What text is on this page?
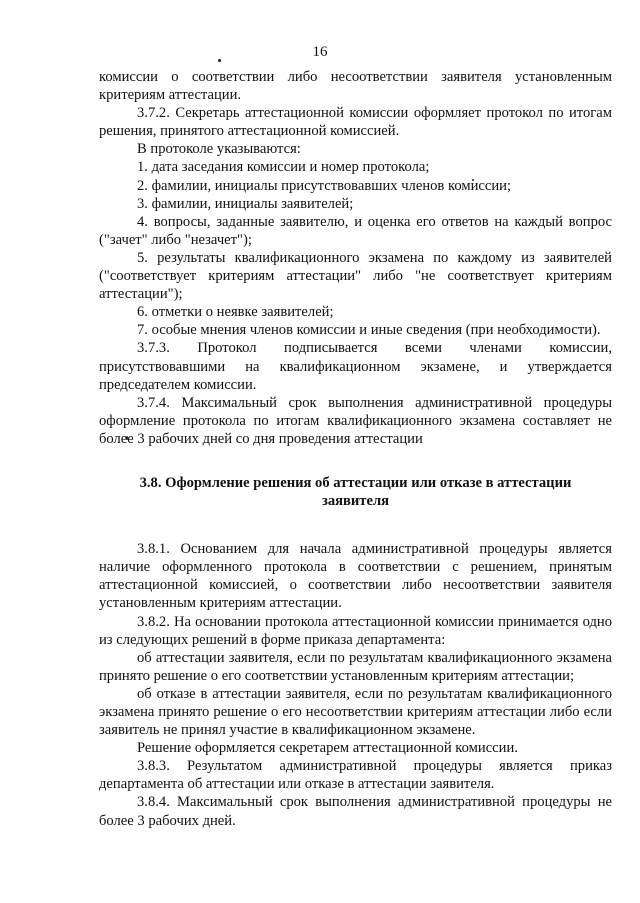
16

комиссии о соответствии либо несоответствии заявителя установленным критериям аттестации.

3.7.2. Секретарь аттестационной комиссии оформляет протокол по итогам решения, принятого аттестационной комиссией.

В протоколе указываются:

1. дата заседания комиссии и номер протокола;

2. фамилии, инициалы присутствовавших членов комиссии;

3. фамилии, инициалы заявителей;

4. вопросы, заданные заявителю, и оценка его ответов на каждый вопрос ("зачет" либо "незачет");

5. результаты квалификационного экзамена по каждому из заявителей ("соответствует критериям аттестации" либо "не соответствует критериям аттестации");

6. отметки о неявке заявителей;

7. особые мнения членов комиссии и иные сведения (при необходимости).

3.7.3. Протокол подписывается всеми членами комиссии, присутствовавшими на квалификационном экзамене, и утверждается председателем комиссии.

3.7.4. Максимальный срок выполнения административной процедуры оформление протокола по итогам квалификационного экзамена составляет не более 3 рабочих дней со дня проведения аттестации

3.8. Оформление решения об аттестации или отказе в аттестации
заявителя

3.8.1. Основанием для начала административной процедуры является наличие оформленного протокола в соответствии с решением, принятым аттестационной комиссией, о соответствии либо несоответствии заявителя установленным критериям аттестации.

3.8.2. На основании протокола аттестационной комиссии принимается одно из следующих решений в форме приказа департамента:

об аттестации заявителя, если по результатам квалификационного экзамена принято решение о его соответствии установленным критериям аттестации;

об отказе в аттестации заявителя, если по результатам квалификационного экзамена принято решение о его несоответствии критериям аттестации либо если заявитель не принял участие в квалификационном экзамене.

Решение оформляется секретарем аттестационной комиссии.

3.8.3. Результатом административной процедуры является приказ департамента об аттестации или отказе в аттестации заявителя.

3.8.4. Максимальный срок выполнения административной процедуры не более 3 рабочих дней.
